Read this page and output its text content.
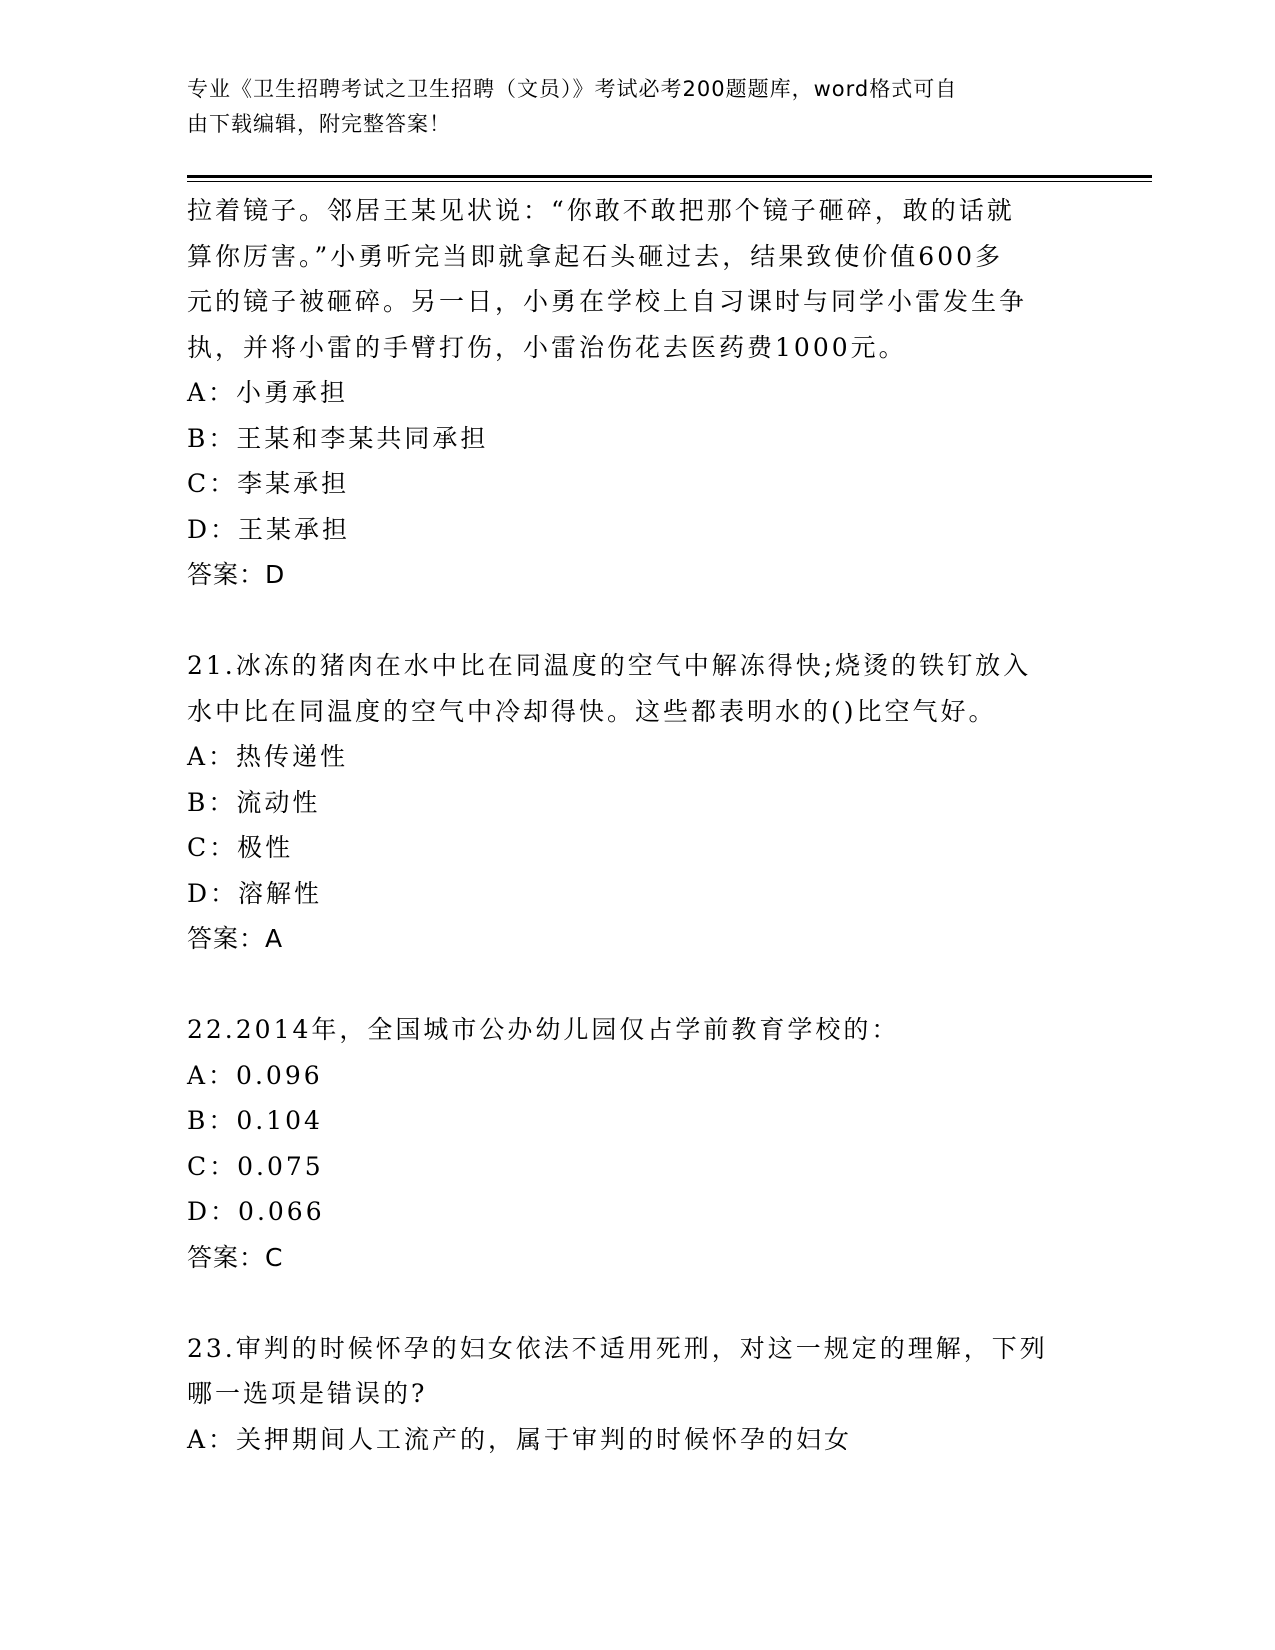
专业《卫生招聘考试之卫生招聘（文员）》考试必考200题题库，word格式可自
由下载编辑，附完整答案！
拉着镜子。邻居王某见状说：“你敢不敢把那个镜子砸碎，敢的话就
算你厉害。”小勇听完当即就拿起石头砸过去，结果致使价值600多
元的镜子被砸碎。另一日，小勇在学校上自习课时与同学小雷发生争
执，并将小雷的手臂打伤，小雷治伤花去医药费1000元。
A：小勇承担
B：王某和李某共同承担
C：李某承担
D：王某承担
答案：D
21.冰冻的猪肉在水中比在同温度的空气中解冻得快;烧烫的铁钉放入
水中比在同温度的空气中冷却得快。这些都表明水的()比空气好。
A：热传递性
B：流动性
C：极性
D：溶解性
答案：A
22.2014年，全国城市公办幼儿园仅占学前教育学校的：
A：0.096
B：0.104
C：0.075
D：0.066
答案：C
23.审判的时候怀孕的妇女依法不适用死刑，对这一规定的理解，下列
哪一选项是错误的?
A：关押期间人工流产的，属于审判的时候怀孕的妇女
